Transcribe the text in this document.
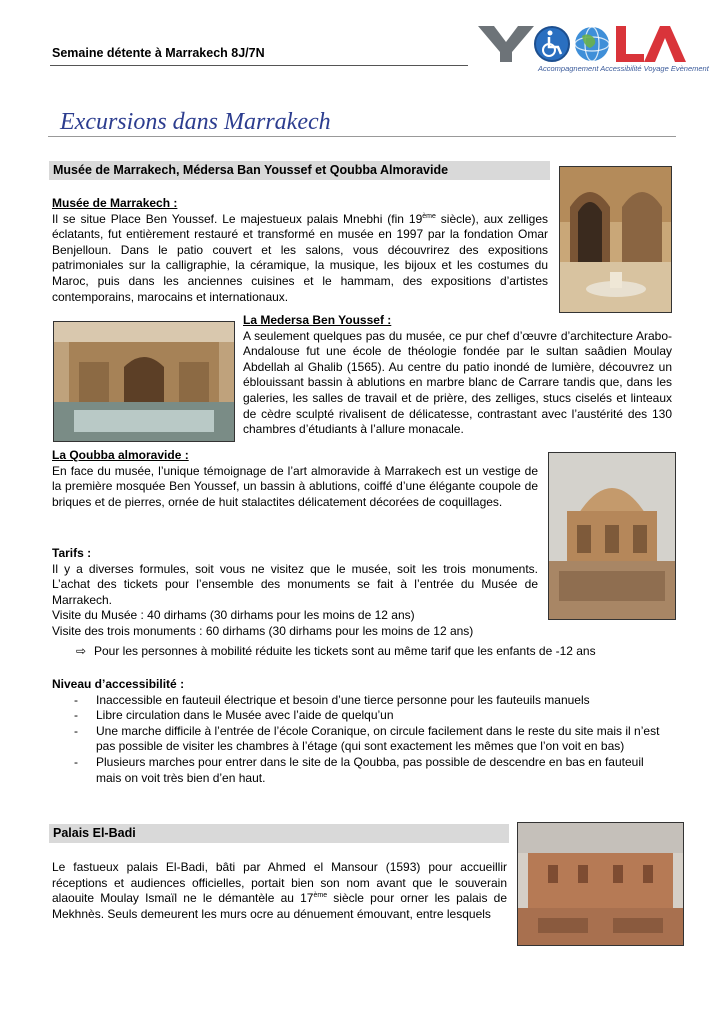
Semaine détente à Marrakech 8J/7N
Accompagnement Accessibilité Voyage Evènement
Excursions dans Marrakech
Musée de Marrakech, Médersa Ban Youssef et Qoubba Almoravide
Musée de Marrakech :
Il se situe Place Ben Youssef. Le majestueux palais Mnebhi (fin 19ème siècle), aux zelliges éclatants, fut entièrement restauré et transformé en musée en 1997 par la fondation Omar Benjelloun. Dans le patio couvert et les salons, vous découvrirez des expositions patrimoniales sur la calligraphie, la céramique, la musique, les bijoux et les costumes du Maroc, puis dans les anciennes cuisines et le hammam, des expositions d’artistes contemporains, marocains et internationaux.
La Medersa Ben Youssef :
A seulement quelques pas du musée, ce pur chef d’œuvre d’architecture Arabo-Andalouse fut une école de théologie fondée par le sultan saâdien Moulay Abdellah al Ghalib (1565). Au centre du patio inondé de lumière, découvrez un éblouissant bassin à ablutions en marbre blanc de Carrare tandis que, dans les galeries, les salles de travail et de prière, des zelliges, stucs ciselés et linteaux de cèdre sculpté rivalisent de délicatesse, contrastant avec l’austérité des 130 chambres d’étudiants à l’allure monacale.
La Qoubba almoravide :
En face du musée, l’unique témoignage de l’art almoravide à Marrakech est un vestige de la première mosquée Ben Youssef, un bassin à ablutions, coiffé d’une élégante coupole de briques et de pierres, ornée de huit stalactites délicatement décorées de coquillages.
Tarifs :
Il y a diverses formules, soit vous ne visitez que le musée, soit les trois monuments. L’achat des tickets pour l’ensemble des monuments se fait à l’entrée du Musée de Marrakech.
Visite du Musée : 40 dirhams (30 dirhams pour les moins de 12 ans)
Visite des trois monuments : 60 dirhams (30 dirhams pour les moins de 12 ans)
⇨ Pour les personnes à mobilité réduite les tickets sont au même tarif que les enfants de -12 ans
Niveau d’accessibilité :
- Inaccessible en fauteuil électrique et besoin d’une tierce personne pour les fauteuils manuels
- Libre circulation dans le Musée avec l’aide de quelqu’un
- Une marche difficile à l’entrée de l’école Coranique, on circule facilement dans le reste du site mais il n’est pas possible de visiter les chambres à l’étage (qui sont exactement les mêmes que l’on voit en bas)
- Plusieurs marches pour entrer dans le site de la Qoubba, pas possible de descendre en bas en fauteuil mais on voit très bien d’en haut.
Palais El-Badi
Le fastueux palais El-Badi, bâti par Ahmed el Mansour (1593) pour accueillir réceptions et audiences officielles, portait bien son nom avant que le souverain alaouite Moulay Ismaïl ne le démantèle au 17ème siècle pour orner les palais de Mekhnès. Seuls demeurent les murs ocre au dénuement émouvant, entre lesquels
